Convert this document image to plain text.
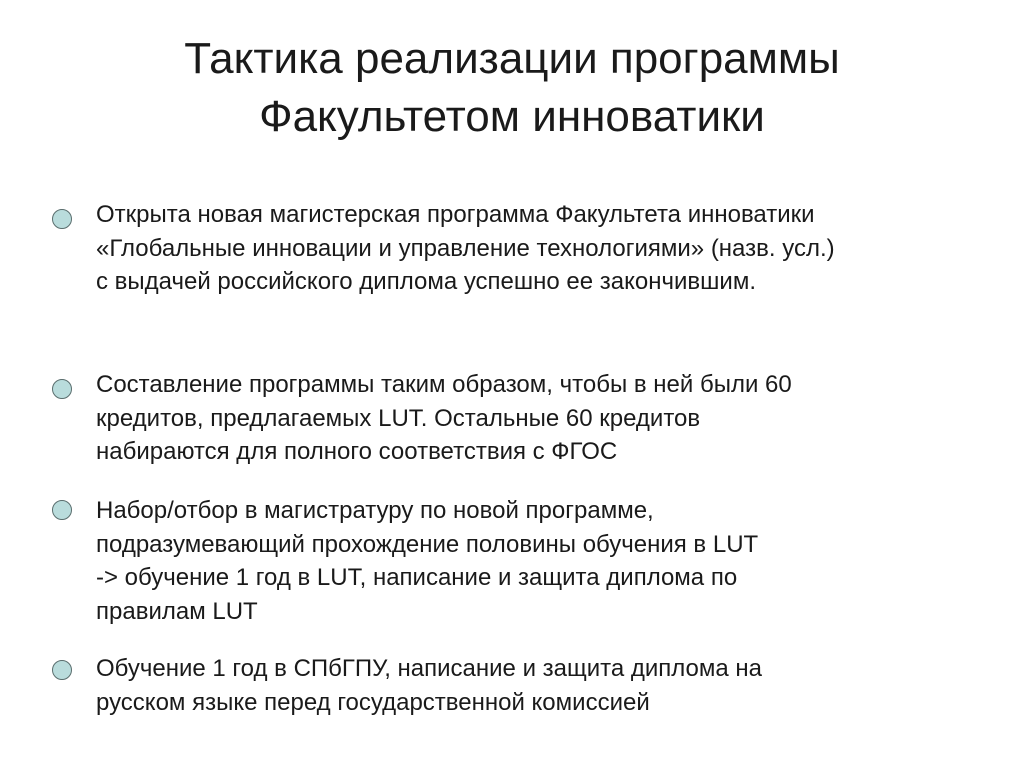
Тактика реализации программы
Факультетом инноватики

Открыта новая магистерская программа Факультета инноватики
«Глобальные инновации и управление технологиями» (назв. усл.)
с выдачей российского диплома успешно ее закончившим.

Составление программы таким образом, чтобы в ней были 60
кредитов, предлагаемых LUT. Остальные 60 кредитов
набираются для полного соответствия с ФГОС

Набор/отбор в магистратуру по новой программе,
подразумевающий прохождение половины обучения в LUT
-> обучение 1 год в LUT, написание и защита диплома по
правилам LUT

Обучение 1 год в СПбГПУ, написание и защита диплома на
русском языке перед государственной комиссией
